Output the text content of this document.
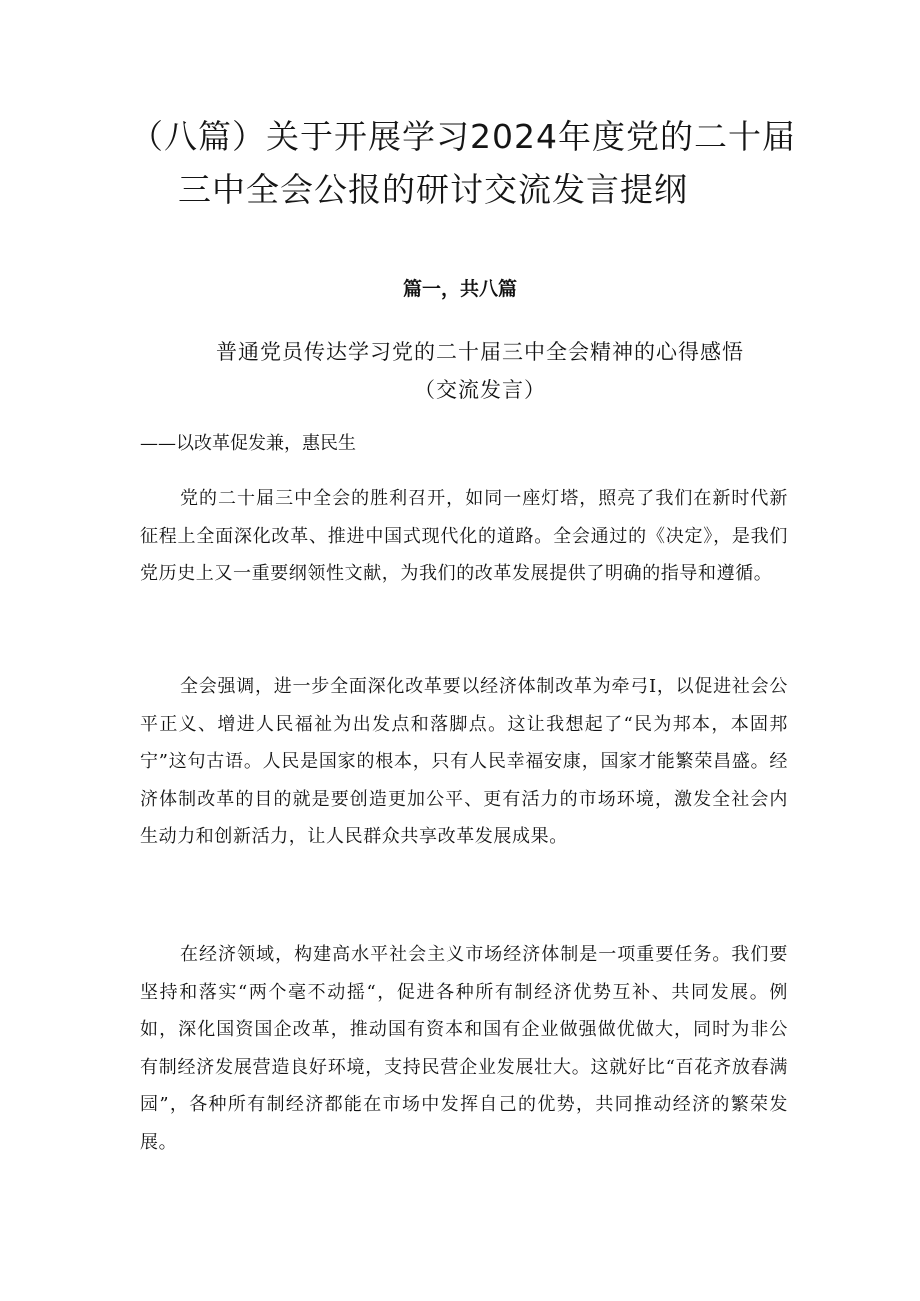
（八篇）关于开展学习2024年度党的二十届
三中全会公报的研讨交流发言提纲
篇一，共八篇
普通党员传达学习党的二十届三中全会精神的心得感悟
（交流发言）
——以改革促发兼，惠民生

党的二十届三中全会的胜利召开，如同一座灯塔，照亮了我们在新时代新征程上全面深化改革、推进中国式现代化的道路。全会通过的《决定》，是我们党历史上又一重要纲领性文献，为我们的改革发展提供了明确的指导和遵循。

全会强调，进一步全面深化改革要以经济体制改革为牵弓I，以促进社会公平正义、增进人民福祉为出发点和落脚点。这让我想起了“民为邦本，本固邦宁”这句古语。人民是国家的根本，只有人民幸福安康，国家才能繁荣昌盛。经济体制改革的目的就是要创造更加公平、更有活力的市场环境，激发全社会内生动力和创新活力，让人民群众共享改革发展成果。

在经济领域，构建高水平社会主义市场经济体制是一项重要任务。我们要坚持和落实“两个毫不动摇“，促进各种所有制经济优势互补、共同发展。例如，深化国资国企改革，推动国有资本和国有企业做强做优做大，同时为非公有制经济发展营造良好环境，支持民营企业发展壮大。这就好比“百花齐放春满园”，各种所有制经济都能在市场中发挥自己的优势，共同推动经济的繁荣发展。
